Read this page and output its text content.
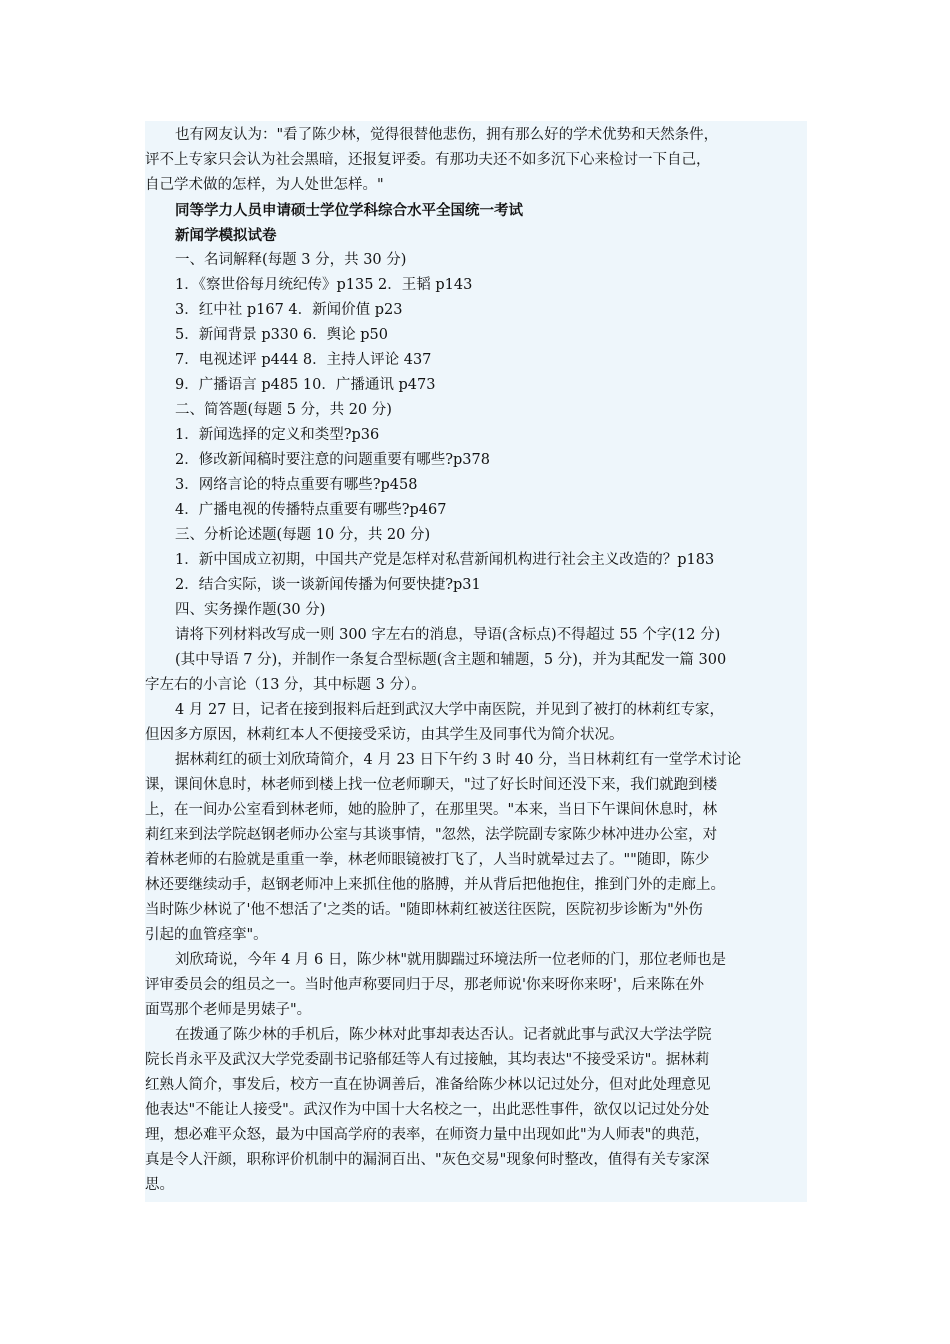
也有网友认为："看了陈少林，觉得很替他悲伤，拥有那么好的学术优势和天然条件，
评不上专家只会认为社会黑暗，还报复评委。有那功夫还不如多沉下心来检讨一下自己，
自己学术做的怎样，为人处世怎样。"
同等学力人员申请硕士学位学科综合水平全国统一考试
新闻学模拟试卷
一、名词解释(每题 3 分，共 30 分)
1．《察世俗每月统纪传》p135 2．王韬 p143
3．红中社 p167 4．新闻价值 p23
5．新闻背景 p330 6．舆论 p50
7．电视述评 p444 8．主持人评论 437
9．广播语言 p485 10．广播通讯 p473
二、简答题(每题 5 分，共 20 分)
1．新闻选择的定义和类型?p36
2．修改新闻稿时要注意的问题重要有哪些?p378
3．网络言论的特点重要有哪些?p458
4．广播电视的传播特点重要有哪些?p467
三、分析论述题(每题 10 分，共 20 分)
1．新中国成立初期，中国共产党是怎样对私营新闻机构进行社会主义改造的？p183
2．结合实际，谈一谈新闻传播为何要快捷?p31
四、实务操作题(30 分)
请将下列材料改写成一则 300 字左右的消息，导语(含标点)不得超过 55 个字(12 分)
(其中导语 7 分)，并制作一条复合型标题(含主题和辅题，5 分)，并为其配发一篇 300
字左右的小言论（13 分，其中标题 3 分）。
4 月 27 日，记者在接到报料后赶到武汉大学中南医院，并见到了被打的林莉红专家，
但因多方原因，林莉红本人不便接受采访，由其学生及同事代为简介状况。
据林莉红的硕士刘欣琦简介，4 月 23 日下午约 3 时 40 分，当日林莉红有一堂学术讨论
课，课间休息时，林老师到楼上找一位老师聊天，"过了好长时间还没下来，我们就跑到楼
上，在一间办公室看到林老师，她的脸肿了，在那里哭。"本来，当日下午课间休息时，林
莉红来到法学院赵钢老师办公室与其谈事情，"忽然，法学院副专家陈少林冲进办公室，对
着林老师的右脸就是重重一拳，林老师眼镜被打飞了，人当时就晕过去了。""随即，陈少
林还要继续动手，赵钢老师冲上来抓住他的胳膊，并从背后把他抱住，推到门外的走廊上。
当时陈少林说了'他不想活了'之类的话。"随即林莉红被送往医院，医院初步诊断为"外伤
引起的血管痉挛"。
刘欣琦说，今年 4 月 6 日，陈少林"就用脚踹过环境法所一位老师的门，那位老师也是
评审委员会的组员之一。当时他声称要同归于尽，那老师说'你来呀你来呀'，后来陈在外
面骂那个老师是男婊子"。
在拨通了陈少林的手机后，陈少林对此事却表达否认。记者就此事与武汉大学法学院
院长肖永平及武汉大学党委副书记骆郁廷等人有过接触，其均表达"不接受采访"。据林莉
红熟人简介，事发后，校方一直在协调善后，准备给陈少林以记过处分，但对此处理意见
他表达"不能让人接受"。武汉作为中国十大名校之一，出此恶性事件，欲仅以记过处分处
理，想必难平众怒，最为中国高学府的表率，在师资力量中出现如此"为人师表"的典范，
真是令人汗颜，职称评价机制中的漏洞百出、"灰色交易"现象何时整改，值得有关专家深
思。
